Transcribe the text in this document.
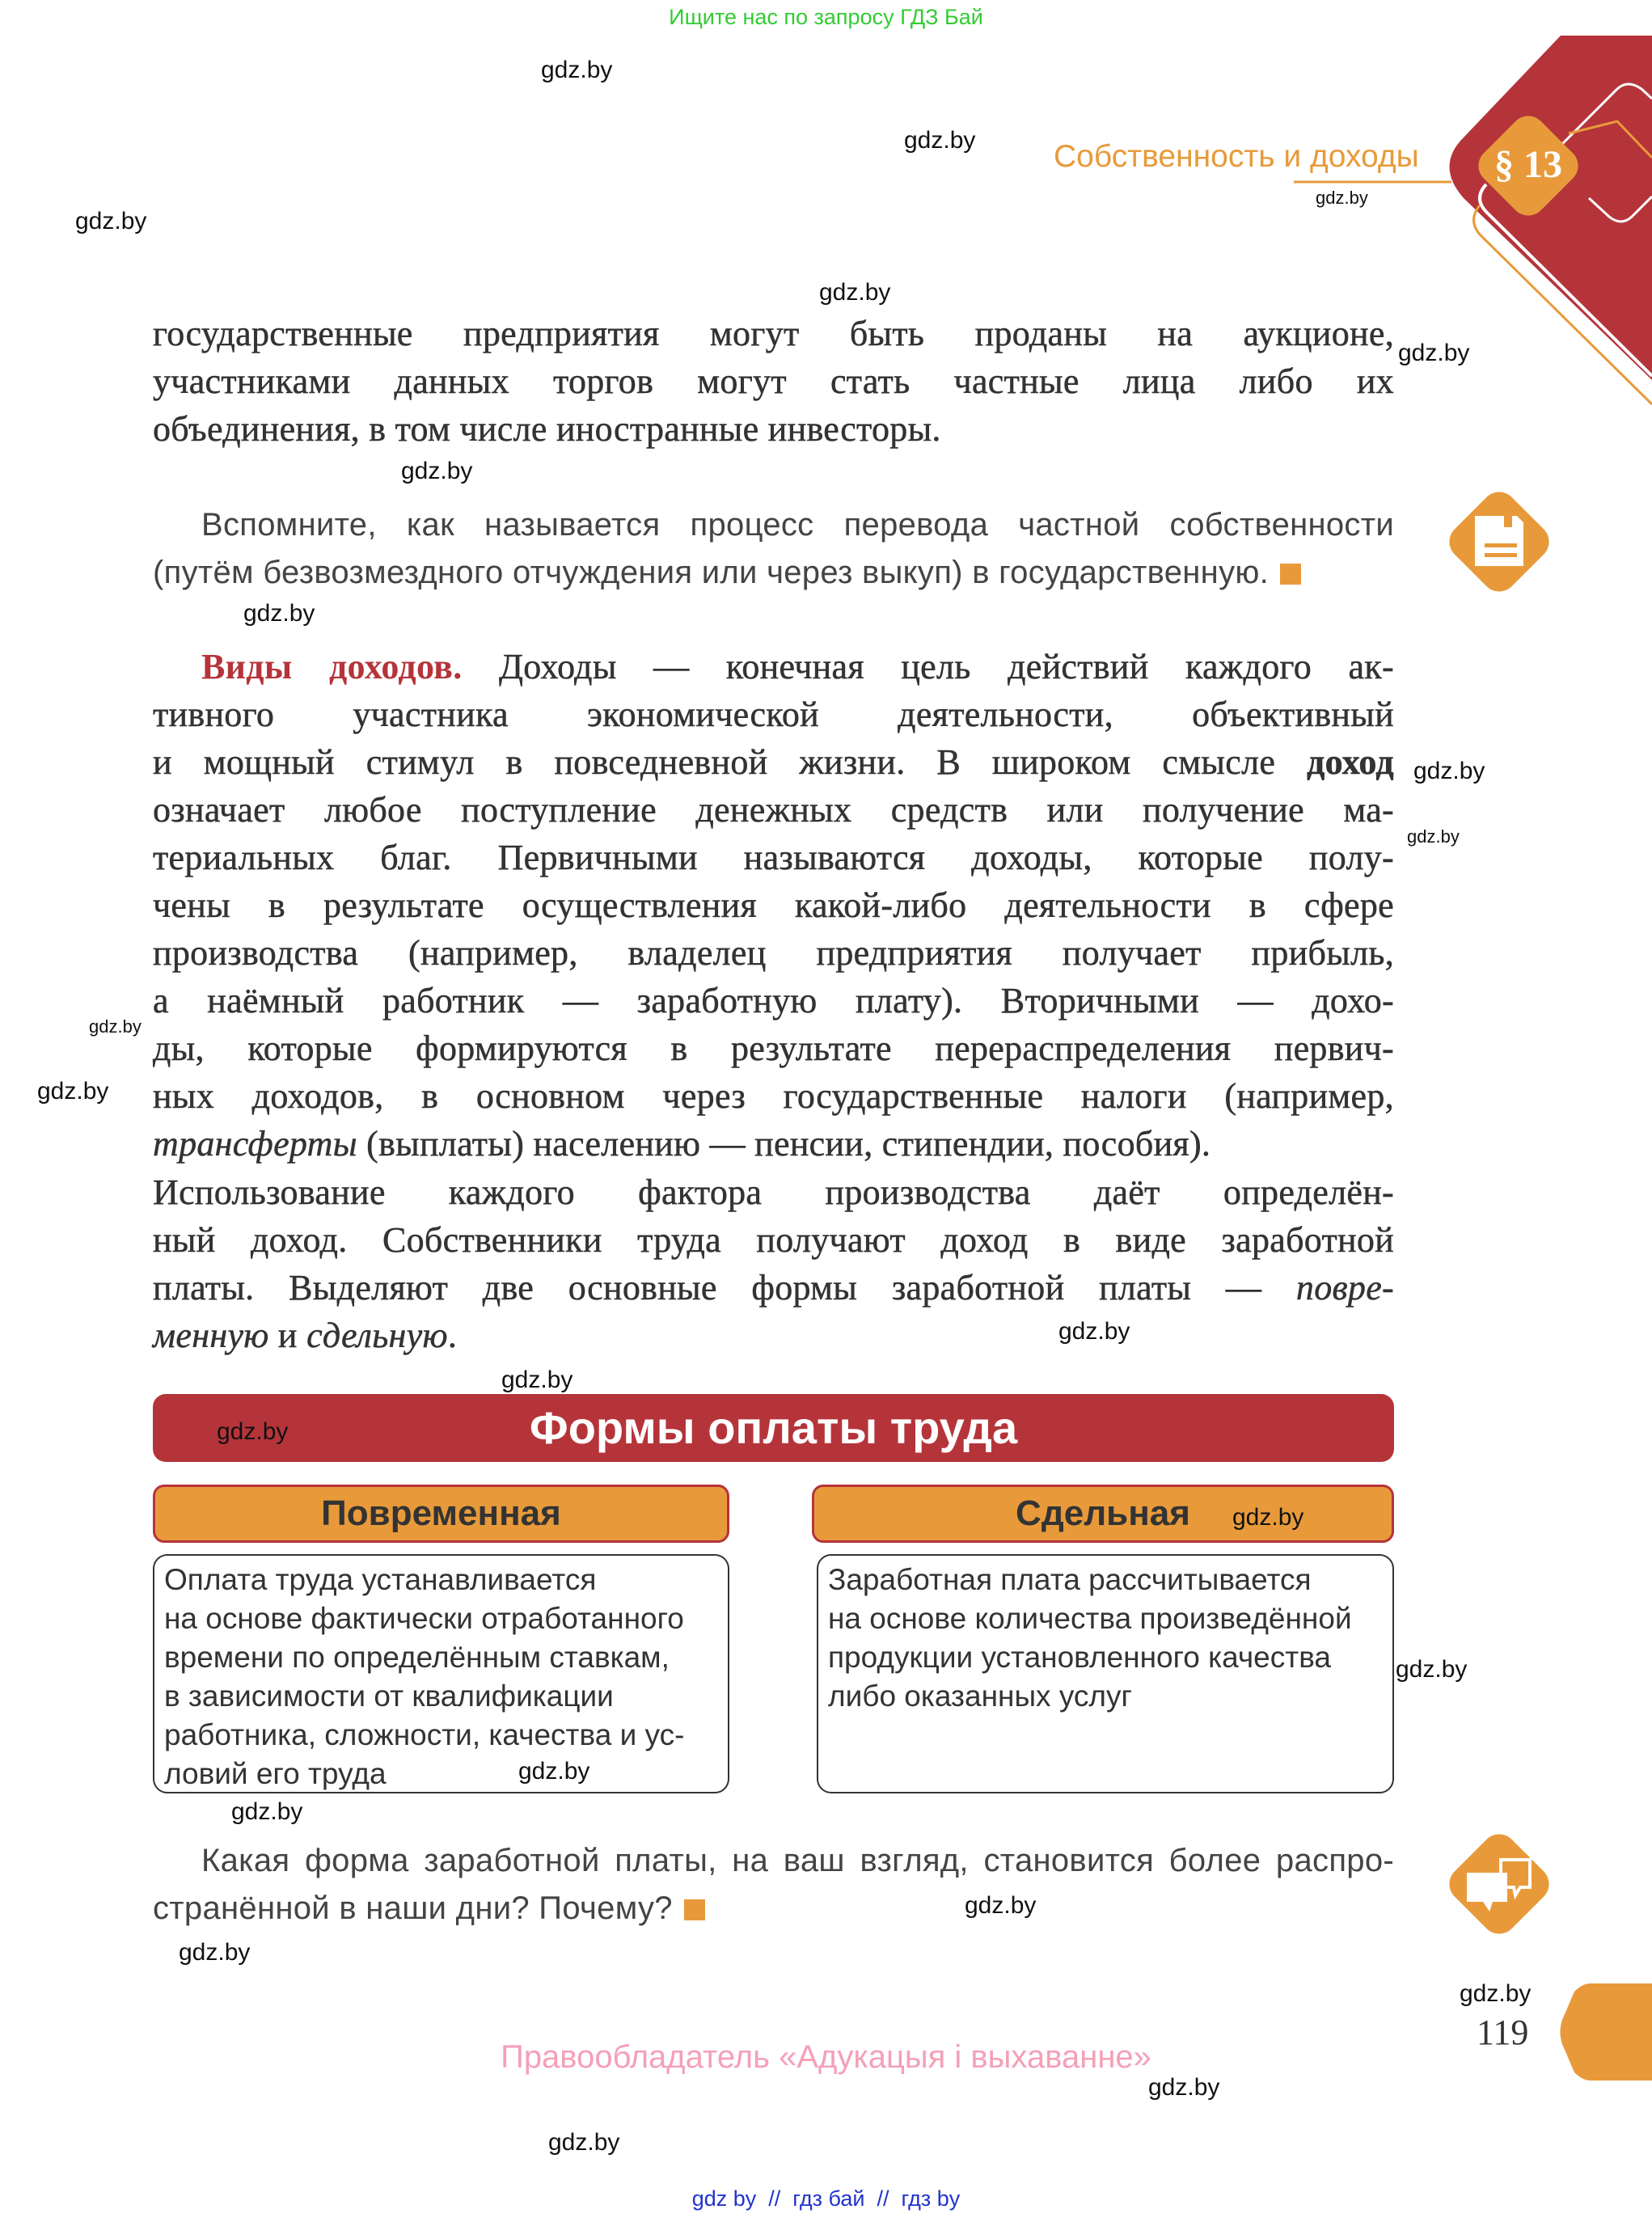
Ищите нас по запросу ГДЗ Бай
Собственность и доходы § 13
государственные предприятия могут быть проданы на аукционе,
участниками данных торгов могут стать частные лица либо их
объединения, в том числе иностранные инвесторы.
Вспомните, как называется процесс перевода частной собственности
(путём безвозмездного отчуждения или через выкуп) в государственную.
Виды доходов. Доходы — конечная цель действий каждого ак-
тивного участника экономической деятельности, объективный
и мощный стимул в повседневной жизни. В широком смысле доход
означает любое поступление денежных средств или получение ма-
териальных благ. Первичными называются доходы, которые полу-
чены в результате осуществления какой-либо деятельности в сфере
производства (например, владелец предприятия получает прибыль,
а наёмный работник — заработную плату). Вторичными — дохо-
ды, которые формируются в результате перераспределения первич-
ных доходов, в основном через государственные налоги (например,
трансферты (выплаты) населению — пенсии, стипендии, пособия).
Использование каждого фактора производства даёт определён-
ный доход. Собственники труда получают доход в виде заработной
платы. Выделяют две основные формы заработной платы — повре-
менную и сдельную.
Формы оплаты труда
Повременная	Сдельная
Оплата труда устанавливается
на основе фактически отработанного
времени по определённым ставкам,
в зависимости от квалификации
работника, сложности, качества и ус-
ловий его труда
Заработная плата рассчитывается
на основе количества произведённой
продукции установленного качества
либо оказанных услуг
Какая форма заработной платы, на ваш взгляд, становится более распро-
странённой в наши дни? Почему?
119
Правообладатель «Адукацыя і выхаванне»
gdz by  //  гдз бай  //  гдз by
gdz.by
gdz.by
gdz.by
gdz.by
gdz.by
gdz.by
gdz.by
gdz.by
gdz.by
gdz.by
gdz.by
gdz.by
gdz.by
gdz.by
gdz.by
gdz.by
gdz.by
gdz.by
gdz.by
gdz.by
gdz.by
gdz.by
gdz.by
gdz.by
